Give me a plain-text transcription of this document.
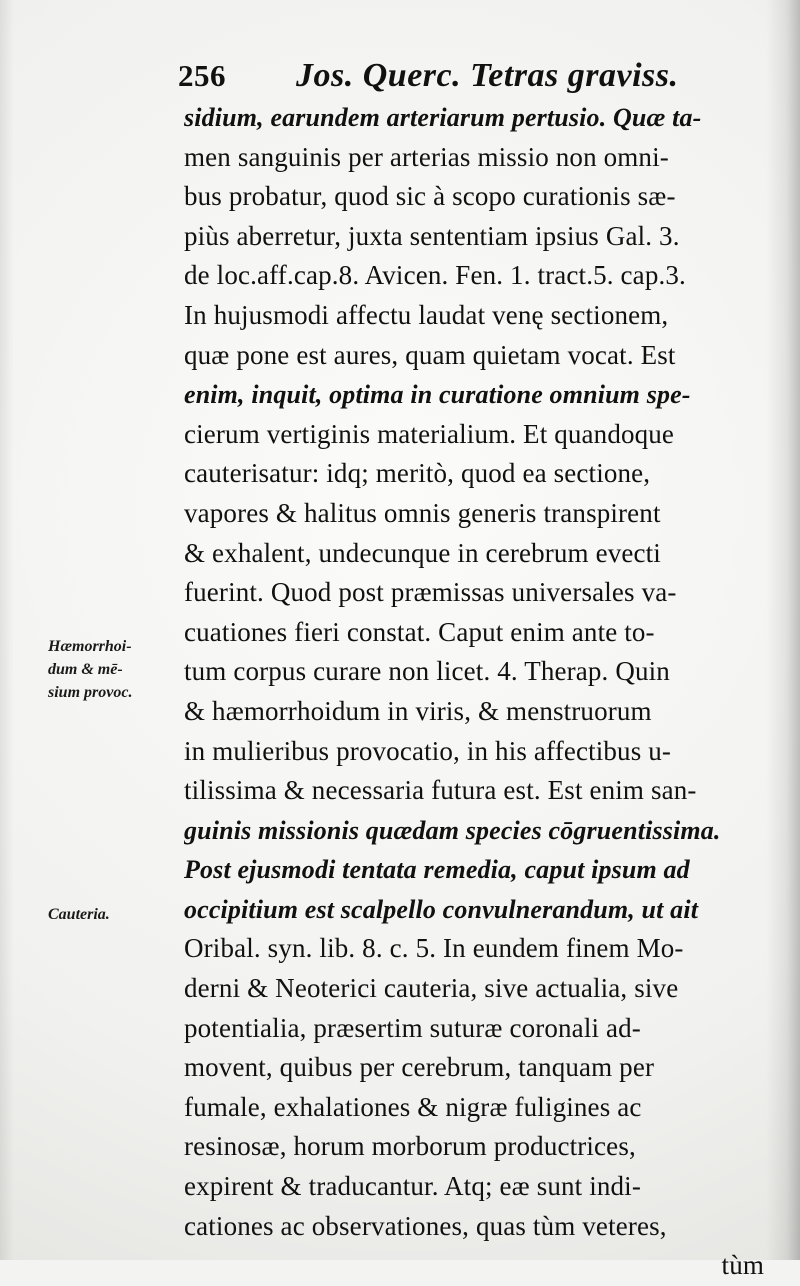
256 Jos. Querc. Tetras graviss.
sidium, earundem arteriarum pertusio. Quæ ta-
men sanguinis per arterias missio non omni-
bus probatur, quod sic à scopo curationis sæ-
piùs aberretur, juxta sententiam ipsius Gal. 3.
de loc.aff.cap.8. Avicen. Fen. 1. tract.5. cap.3.
In hujusmodi affectu laudat venę sectionem,
quæ pone est aures, quam quietam vocat. Est
enim, inquit, optima in curatione omnium spe-
cierum vertiginis materialium. Et quandoque
cauterisatur: idq; meritò, quod ea sectione,
vapores & halitus omnis generis transpirent
& exhalent, undecunque in cerebrum evecti
fuerint. Quod post præmissas universales va-
cuationes fieri constat. Caput enim ante to-
tum corpus curare non licet. 4. Therap. Quin
& hæmorrhoidum in viris, & menstruorum
in mulieribus provocatio, in his affectibus u-
tilissima & necessaria futura est. Est enim san-
guinis missionis quædam species cōgruentissima.
Post ejusmodi tentata remedia, caput ipsum ad
occipitium est scalpello convulnerandum, ut ait
Oribal. syn. lib. 8. c. 5. In eundem finem Mo-
derni & Neoterici cauteria, sive actualia, sive
potentialia, præsertim suturæ coronali ad-
movent, quibus per cerebrum, tanquam per
fumale, exhalationes & nigræ fuligines ac
resinosæ, horum morborum productrices,
expirent & traducantur. Atq; eæ sunt indi-
cationes ac observationes, quas tùm veteres,
tùm
Hæmorrhoi-
dum & mē-
sium provoc.
Cauteria.
